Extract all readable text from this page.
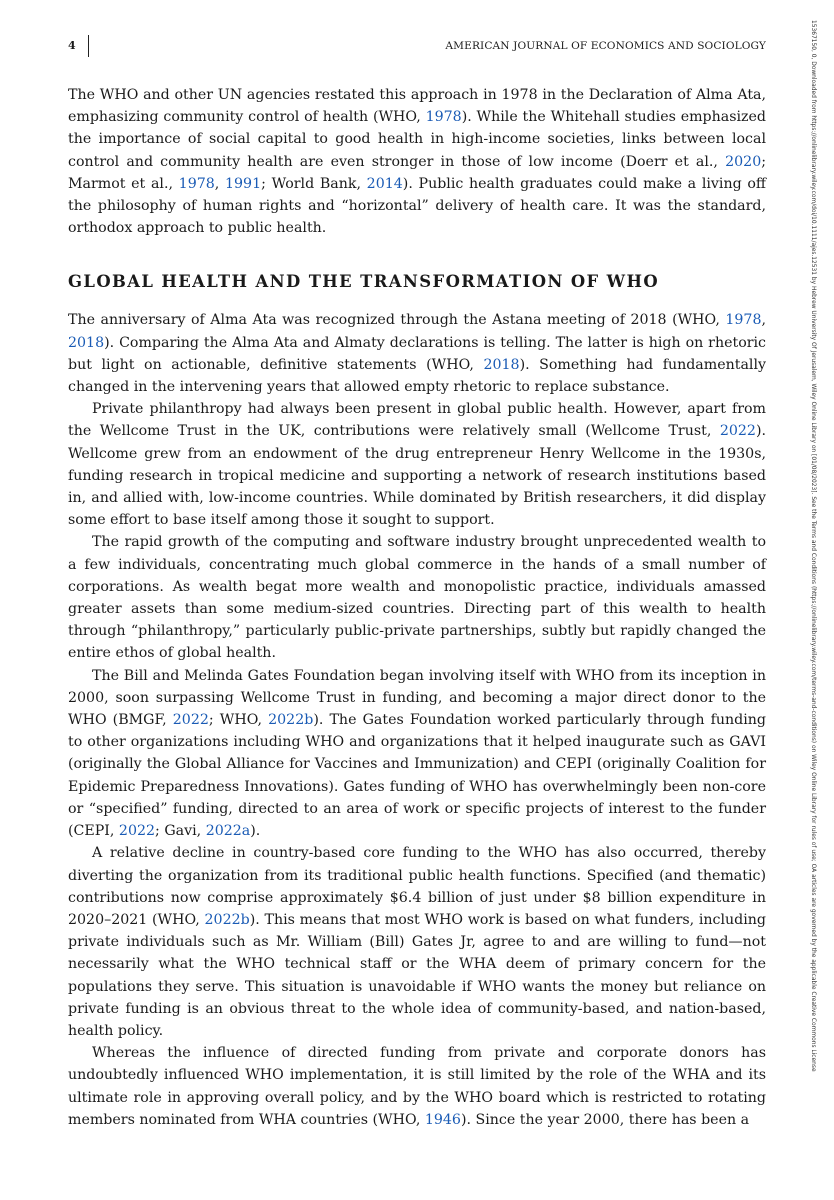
4	AMERICAN JOURNAL OF ECONOMICS AND SOCIOLOGY	15367150, 0, Downloaded from https://onlinelibrary.wiley.com/doi/10.1111/ajes.12531 by Hebrew University Of Jerusalem, Wiley Online Library on [01/08/2023]. See the Terms and Conditions (https://onlinelibrary.wiley.com/terms-and-conditions) on Wiley Online Library for rules of use; OA articles are governed by the applicable Creative Commons License

The WHO and other UN agencies restated this approach in 1978 in the Declaration of Alma Ata, emphasizing community control of health (WHO, 1978). While the Whitehall studies emphasized the importance of social capital to good health in high-income societies, links between local control and community health are even stronger in those of low income (Doerr et al., 2020; Marmot et al., 1978, 1991; World Bank, 2014). Public health graduates could make a living off the philosophy of human rights and “horizontal” delivery of health care. It was the standard, orthodox approach to public health.

GLOBAL HEALTH AND THE TRANSFORMATION OF WHO

The anniversary of Alma Ata was recognized through the Astana meeting of 2018 (WHO, 1978, 2018). Comparing the Alma Ata and Almaty declarations is telling. The latter is high on rhetoric but light on actionable, definitive statements (WHO, 2018). Something had fundamentally changed in the intervening years that allowed empty rhetoric to replace substance.

Private philanthropy had always been present in global public health. However, apart from the Wellcome Trust in the UK, contributions were relatively small (Wellcome Trust, 2022). Wellcome grew from an endowment of the drug entrepreneur Henry Wellcome in the 1930s, funding research in tropical medicine and supporting a network of research institutions based in, and allied with, low-income countries. While dominated by British researchers, it did display some effort to base itself among those it sought to support.

The rapid growth of the computing and software industry brought unprecedented wealth to a few individuals, concentrating much global commerce in the hands of a small number of corporations. As wealth begat more wealth and monopolistic practice, individuals amassed greater assets than some medium-sized countries. Directing part of this wealth to health through “philanthropy,” particularly public-private partnerships, subtly but rapidly changed the entire ethos of global health.

The Bill and Melinda Gates Foundation began involving itself with WHO from its inception in 2000, soon surpassing Wellcome Trust in funding, and becoming a major direct donor to the WHO (BMGF, 2022; WHO, 2022b). The Gates Foundation worked particularly through funding to other organizations including WHO and organizations that it helped inaugurate such as GAVI (originally the Global Alliance for Vaccines and Immunization) and CEPI (originally Coalition for Epidemic Preparedness Innovations). Gates funding of WHO has overwhelmingly been non-core or “specified” funding, directed to an area of work or specific projects of interest to the funder (CEPI, 2022; Gavi, 2022a).

A relative decline in country-based core funding to the WHO has also occurred, thereby diverting the organization from its traditional public health functions. Specified (and thematic) contributions now comprise approximately $6.4 billion of just under $8 billion expenditure in 2020–2021 (WHO, 2022b). This means that most WHO work is based on what funders, including private individuals such as Mr. William (Bill) Gates Jr, agree to and are willing to fund—not necessarily what the WHO technical staff or the WHA deem of primary concern for the populations they serve. This situation is unavoidable if WHO wants the money but reliance on private funding is an obvious threat to the whole idea of community-based, and nation-based, health policy.

Whereas the influence of directed funding from private and corporate donors has undoubtedly influenced WHO implementation, it is still limited by the role of the WHA and its ultimate role in approving overall policy, and by the WHO board which is restricted to rotating members nominated from WHA countries (WHO, 1946). Since the year 2000, there has been a
